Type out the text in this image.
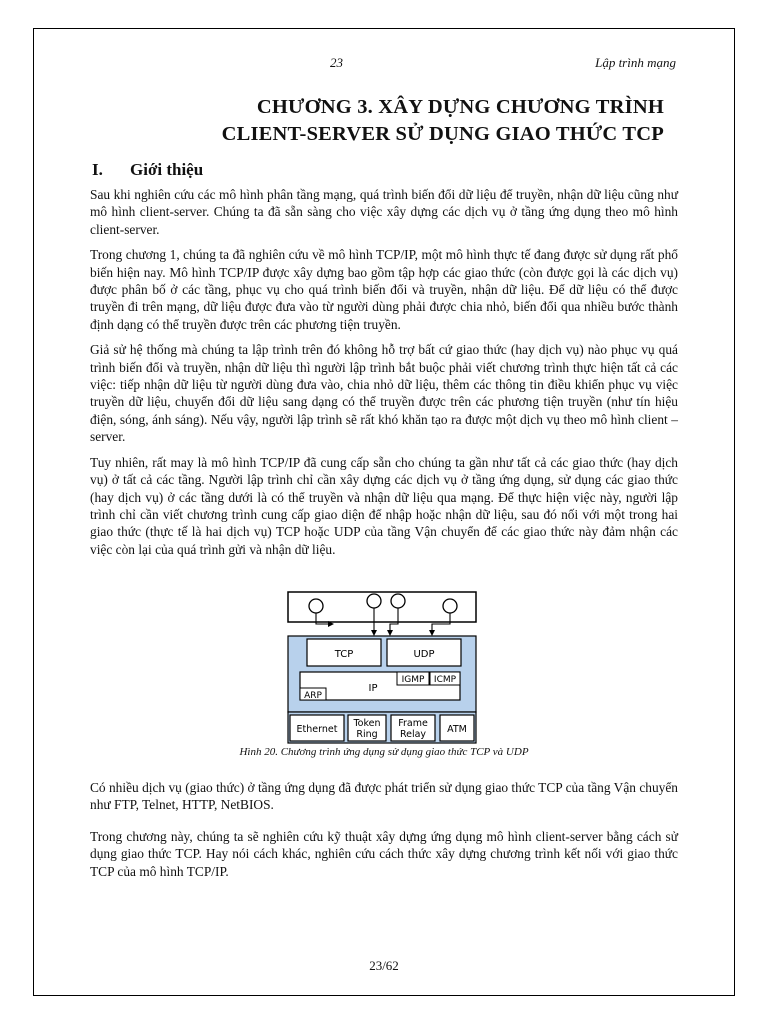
23	Lập trình mạng
CHƯƠNG 3. XÂY DỰNG CHƯƠNG TRÌNH
CLIENT-SERVER SỬ DỤNG GIAO THỨC TCP
I. Giới thiệu

Sau khi nghiên cứu các mô hình phân tầng mạng, quá trình biến đổi dữ liệu để truyền, nhận dữ liệu cũng như mô hình client-server. Chúng ta đã sẵn sàng cho việc xây dựng các dịch vụ ở tầng ứng dụng theo mô hình client-server.

Trong chương 1, chúng ta đã nghiên cứu về mô hình TCP/IP, một mô hình thực tế đang được sử dụng rất phổ biến hiện nay. Mô hình TCP/IP được xây dựng bao gồm tập hợp các giao thức (còn được gọi là các dịch vụ) được phân bố ở các tầng, phục vụ cho quá trình biến đổi và truyền, nhận dữ liệu. Để dữ liệu có thể được truyền đi trên mạng, dữ liệu được đưa vào từ người dùng phải được chia nhỏ, biến đổi qua nhiều bước thành định dạng có thể truyền được trên các phương tiện truyền.

Giả sử hệ thống mà chúng ta lập trình trên đó không hỗ trợ bất cứ giao thức (hay dịch vụ) nào phục vụ quá trình biến đổi và truyền, nhận dữ liệu thì người lập trình bắt buộc phải viết chương trình thực hiện tất cả các việc: tiếp nhận dữ liệu từ người dùng đưa vào, chia nhỏ dữ liệu, thêm các thông tin điều khiển phục vụ việc truyền dữ liệu, chuyển đổi dữ liệu sang dạng có thể truyền được trên các phương tiện truyền (như tín hiệu điện, sóng, ánh sáng). Nếu vậy, người lập trình sẽ rất khó khăn tạo ra được một dịch vụ theo mô hình client – server.

Tuy nhiên, rất may là mô hình TCP/IP đã cung cấp sẵn cho chúng ta gần như tất cả các giao thức (hay dịch vụ) ở tất cả các tầng. Người lập trình chỉ cần xây dựng các dịch vụ ở tầng ứng dụng, sử dụng các giao thức (hay dịch vụ) ở các tầng dưới là có thể truyền và nhận dữ liệu qua mạng. Để thực hiện việc này, người lập trình chỉ cần viết chương trình cung cấp giao diện để nhập hoặc nhận dữ liệu, sau đó nối với một trong hai giao thức (thực tế là hai dịch vụ) TCP hoặc UDP của tầng Vận chuyển để các giao thức này đảm nhận các việc còn lại của quá trình gửi và nhận dữ liệu.

TCP	UDP
IP
IGMP ICMP
ARP
Ethernet
Token
Ring
Frame
Relay ATM
Hình 20. Chương trình ứng dụng sử dụng giao thức TCP và UDP
Có nhiều dịch vụ (giao thức) ở tầng ứng dụng đã được phát triển sử dụng giao thức TCP của tầng Vận chuyển như FTP, Telnet, HTTP, NetBIOS.
Trong chương này, chúng ta sẽ nghiên cứu kỹ thuật xây dựng ứng dụng mô hình client-server bằng cách sử dụng giao thức TCP. Hay nói cách khác, nghiên cứu cách thức xây dựng chương trình kết nối với giao thức TCP của mô hình TCP/IP.
23/62
